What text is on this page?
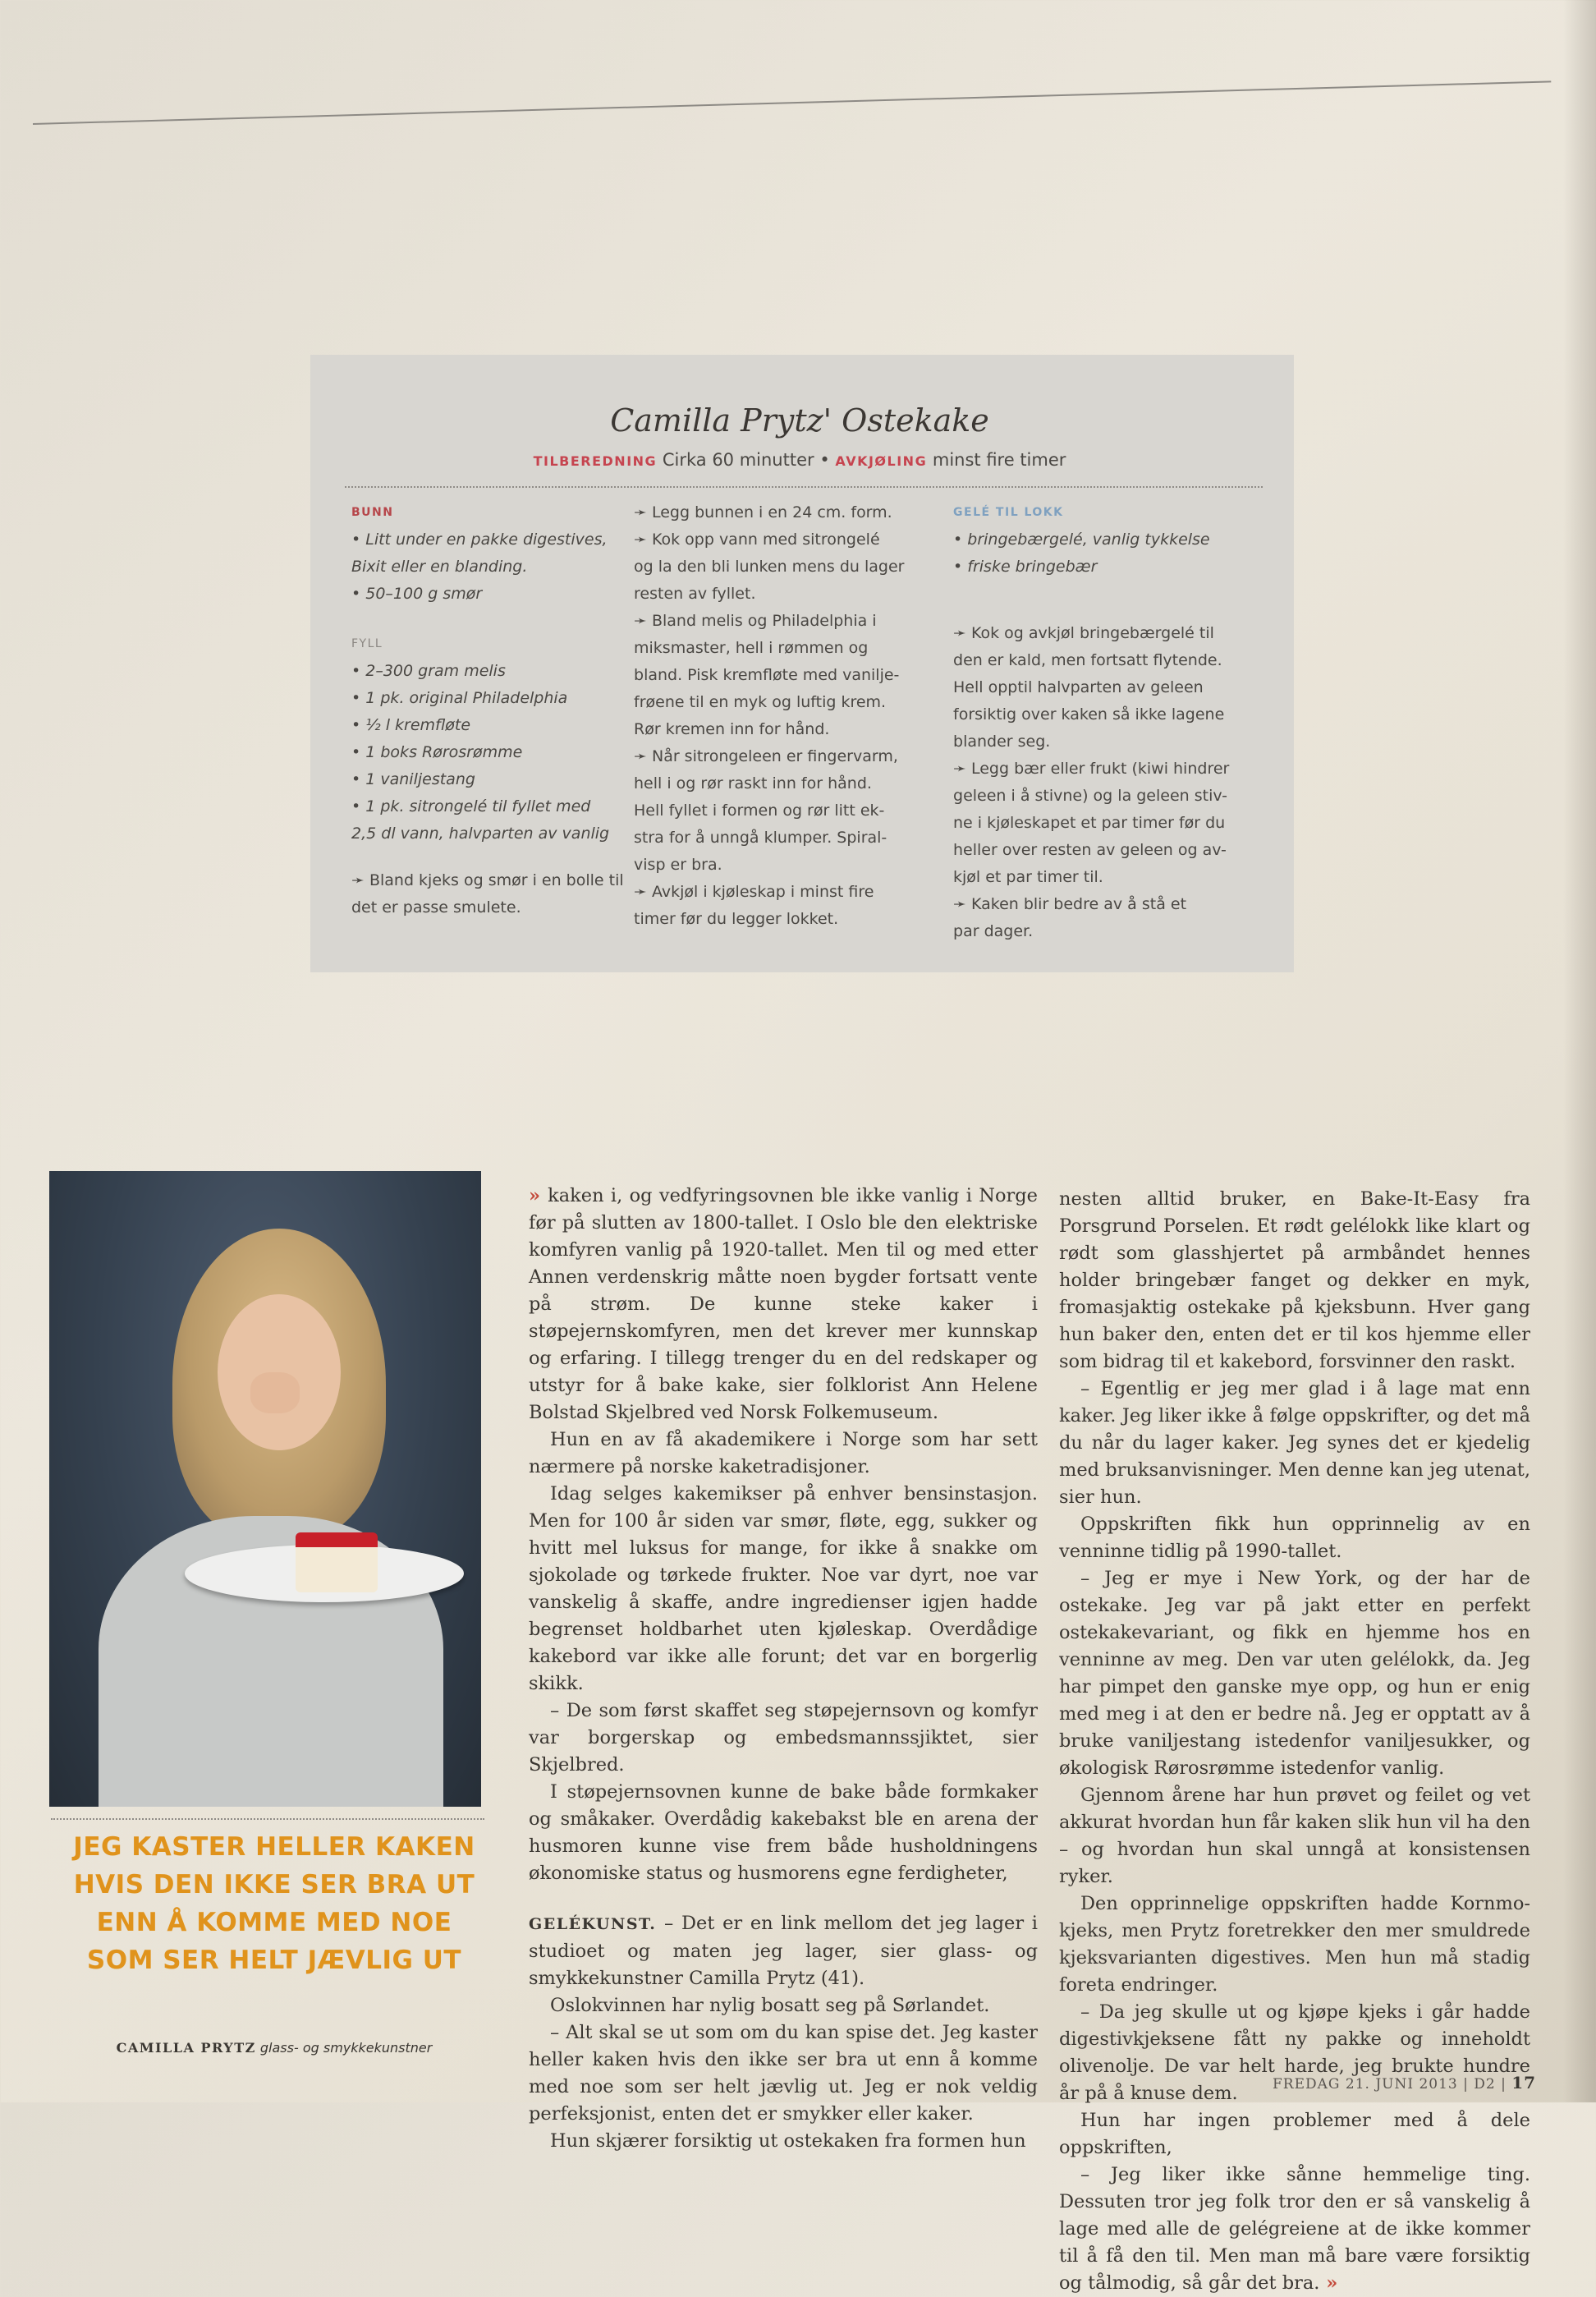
Camilla Prytz' Ostekake
TILBEREDNING Cirka 60 minutter • AVKJØLING minst fire timer
BUNN
• Litt under en pakke digestives,
Bixit eller en blanding.
• 50–100 g smør
FYLL
• 2–300 gram melis
• 1 pk. original Philadelphia
• ½ l kremfløte
• 1 boks Rørosrømme
• 1 vaniljestang
• 1 pk. sitrongelé til fyllet med
2,5 dl vann, halvparten av vanlig
➛ Bland kjeks og smør i en bolle til
det er passe smulete.
➛ Legg bunnen i en 24 cm. form.
➛ Kok opp vann med sitrongelé
og la den bli lunken mens du lager
resten av fyllet.
➛ Bland melis og Philadelphia i
miksmaster, hell i rømmen og
bland. Pisk kremfløte med vanilje-
frøene til en myk og luftig krem.
Rør kremen inn for hånd.
➛ Når sitrongeleen er fingervarm,
hell i og rør raskt inn for hånd.
Hell fyllet i formen og rør litt ek-
stra for å unngå klumper. Spiral-
visp er bra.
➛ Avkjøl i kjøleskap i minst fire
timer før du legger lokket.
GELÉ TIL LOKK
• bringebærgelé, vanlig tykkelse
• friske bringebær
➛ Kok og avkjøl bringebærgelé til
den er kald, men fortsatt flytende.
Hell opptil halvparten av geleen
forsiktig over kaken så ikke lagene
blander seg.
➛ Legg bær eller frukt (kiwi hindrer
geleen i å stivne) og la geleen stiv-
ne i kjøleskapet et par timer før du
heller over resten av geleen og av-
kjøl et par timer til.
➛ Kaken blir bedre av å stå et
par dager.
JEG KASTER HELLER KAKEN HVIS DEN IKKE SER BRA UT ENN Å KOMME MED NOE SOM SER HELT JÆVLIG UT
CAMILLA PRYTZ glass- og smykkekunstner

» kaken i, og vedfyringsovnen ble ikke vanlig i Norge før på slutten av 1800-tallet. I Oslo ble den elektriske komfyren vanlig på 1920-tallet. Men til og med etter Annen verdenskrig måtte noen bygder fortsatt vente på strøm. De kunne steke kaker i støpejernskomfyren, men det krever mer kunnskap og erfaring. I tillegg trenger du en del redskaper og utstyr for å bake kake, sier folklorist Ann Helene Bolstad Skjelbred ved Norsk Folkemuseum.

Hun en av få akademikere i Norge som har sett nærmere på norske kaketradisjoner.

Idag selges kakemikser på enhver bensinstasjon. Men for 100 år siden var smør, fløte, egg, sukker og hvitt mel luksus for mange, for ikke å snakke om sjokolade og tørkede frukter. Noe var dyrt, noe var vanskelig å skaffe, andre ingredienser igjen hadde begrenset holdbarhet uten kjøleskap. Overdådige kakebord var ikke alle forunt; det var en borgerlig skikk.

– De som først skaffet seg støpejernsovn og komfyr var borgerskap og embedsmannssjiktet, sier Skjelbred.

I støpejernsovnen kunne de bake både formkaker og småkaker. Overdådig kakebakst ble en arena der husmoren kunne vise frem både husholdningens økonomiske status og husmorens egne ferdigheter,

GELÉKUNST. – Det er en link mellom det jeg lager i studioet og maten jeg lager, sier glass- og smykkekunstner Camilla Prytz (41).

Oslokvinnen har nylig bosatt seg på Sørlandet.

– Alt skal se ut som om du kan spise det. Jeg kaster heller kaken hvis den ikke ser bra ut enn å komme med noe som ser helt jævlig ut. Jeg er nok veldig perfeksjonist, enten det er smykker eller kaker.

Hun skjærer forsiktig ut ostekaken fra formen hun

nesten alltid bruker, en Bake-It-Easy fra Porsgrund Porselen. Et rødt gelélokk like klart og rødt som glasshjertet på armbåndet hennes holder bringebær fanget og dekker en myk, fromasjaktig ostekake på kjeksbunn. Hver gang hun baker den, enten det er til kos hjemme eller som bidrag til et kakebord, forsvinner den raskt.

– Egentlig er jeg mer glad i å lage mat enn kaker. Jeg liker ikke å følge oppskrifter, og det må du når du lager kaker. Jeg synes det er kjedelig med bruksanvisninger. Men denne kan jeg utenat, sier hun.

Oppskriften fikk hun opprinnelig av en venninne tidlig på 1990-tallet.

– Jeg er mye i New York, og der har de ostekake. Jeg var på jakt etter en perfekt ostekakevariant, og fikk en hjemme hos en venninne av meg. Den var uten gelélokk, da. Jeg har pimpet den ganske mye opp, og hun er enig med meg i at den er bedre nå. Jeg er opptatt av å bruke vaniljestang istedenfor vaniljesukker, og økologisk Rørosrømme istedenfor vanlig.

Gjennom årene har hun prøvet og feilet og vet akkurat hvordan hun får kaken slik hun vil ha den – og hvordan hun skal unngå at konsistensen ryker.

Den opprinnelige oppskriften hadde Kornmo-kjeks, men Prytz foretrekker den mer smuldrede kjeksvarianten digestives. Men hun må stadig foreta endringer.

– Da jeg skulle ut og kjøpe kjeks i går hadde digestivkjeksene fått ny pakke og inneholdt olivenolje. De var helt harde, jeg brukte hundre år på å knuse dem.

Hun har ingen problemer med å dele oppskriften,

– Jeg liker ikke sånne hemmelige ting. Dessuten tror jeg folk tror den er så vanskelig å lage med alle de gelégreiene at de ikke kommer til å få den til. Men man må bare være forsiktig og tålmodig, så går det bra. »

FREDAG 21. JUNI 2013 | D2 | 17
